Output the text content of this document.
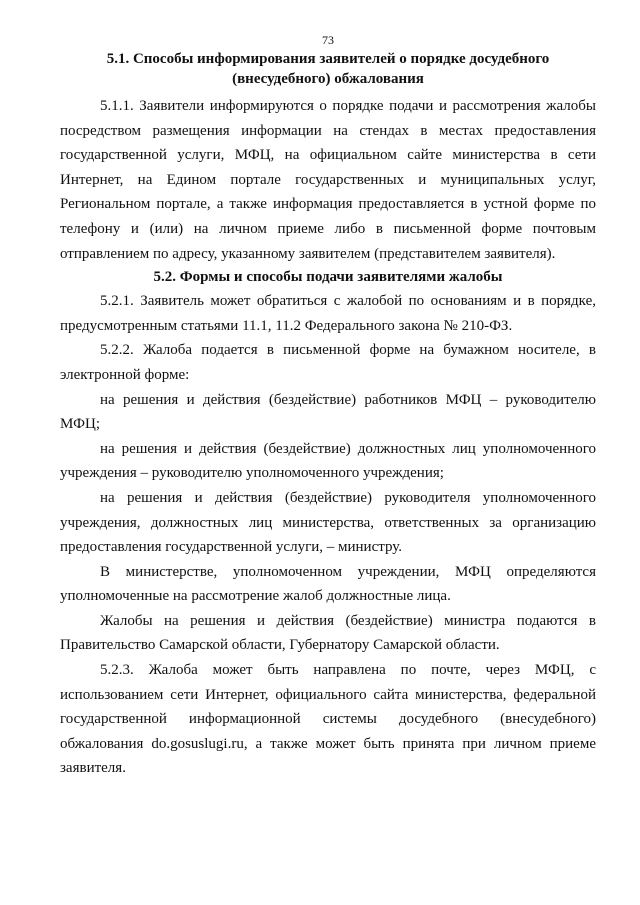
73
5.1. Способы информирования заявителей о порядке досудебного
(внесудебного) обжалования

5.1.1. Заявители информируются о порядке подачи и рассмотрения жалобы посредством размещения информации на стендах в местах предоставления государственной услуги, МФЦ, на официальном сайте министерства в сети Интернет, на Едином портале государственных и муниципальных услуг, Региональном портале, а также информация предоставляется в устной форме по телефону и (или) на личном приеме либо в письменной форме почтовым отправлением по адресу, указанному заявителем (представителем заявителя).

5.2. Формы и способы подачи заявителями жалобы

5.2.1. Заявитель может обратиться с жалобой по основаниям и в порядке, предусмотренным статьями 11.1, 11.2 Федерального закона № 210-ФЗ.

5.2.2. Жалоба подается в письменной форме на бумажном носителе, в электронной форме:

на решения и действия (бездействие) работников МФЦ – руководителю МФЦ;

на решения и действия (бездействие) должностных лиц уполномоченного учреждения – руководителю уполномоченного учреждения;

на решения и действия (бездействие) руководителя уполномоченного учреждения, должностных лиц министерства, ответственных за организацию предоставления государственной услуги, – министру.

В министерстве, уполномоченном учреждении, МФЦ определяются уполномоченные на рассмотрение жалоб должностные лица.

Жалобы на решения и действия (бездействие) министра подаются в Правительство Самарской области, Губернатору Самарской области.

5.2.3. Жалоба может быть направлена по почте, через МФЦ, с использованием сети Интернет, официального сайта министерства, федеральной государственной информационной системы досудебного (внесудебного) обжалования do.gosuslugi.ru, а также может быть принята при личном приеме заявителя.
